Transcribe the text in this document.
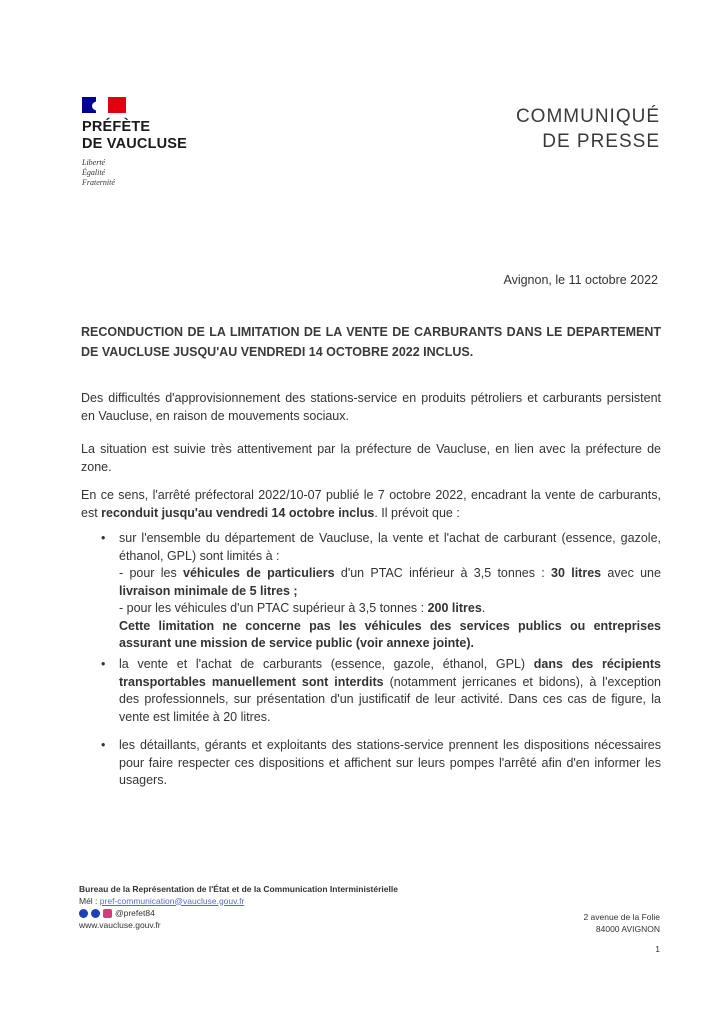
PRÉFÈTE
DE VAUCLUSE
Liberté
Égalité
Fraternité
COMMUNIQUÉ
DE PRESSE
Avignon, le 11 octobre 2022
RECONDUCTION DE LA LIMITATION DE LA VENTE DE CARBURANTS DANS LE DEPARTEMENT DE VAUCLUSE JUSQU'AU VENDREDI 14 OCTOBRE 2022 INCLUS.
Des difficultés d'approvisionnement des stations-service en produits pétroliers et carburants persistent en Vaucluse, en raison de mouvements sociaux.
La situation est suivie très attentivement par la préfecture de Vaucluse, en lien avec la préfecture de zone.
En ce sens, l'arrêté préfectoral 2022/10-07 publié le 7 octobre 2022, encadrant la vente de carburants, est reconduit jusqu'au vendredi 14 octobre inclus. Il prévoit que :
• sur l'ensemble du département de Vaucluse, la vente et l'achat de carburant (essence, gazole, éthanol, GPL) sont limités à :
- pour les véhicules de particuliers d'un PTAC inférieur à 3,5 tonnes : 30 litres avec une livraison minimale de 5 litres ;
- pour les véhicules d'un PTAC supérieur à 3,5 tonnes : 200 litres.
Cette limitation ne concerne pas les véhicules des services publics ou entreprises assurant une mission de service public (voir annexe jointe).
• la vente et l'achat de carburants (essence, gazole, éthanol, GPL) dans des récipients transportables manuellement sont interdits (notamment jerricanes et bidons), à l'exception des professionnels, sur présentation d'un justificatif de leur activité. Dans ces cas de figure, la vente est limitée à 20 litres.
• les détaillants, gérants et exploitants des stations-service prennent les dispositions nécessaires pour faire respecter ces dispositions et affichent sur leurs pompes l'arrêté afin d'en informer les usagers.
Bureau de la Représentation de l'État et de la Communication Interministérielle
Mél : pref-communication@vaucluse.gouv.fr
@prefet84
www.vaucluse.gouv.fr
2 avenue de la Folie
84000 AVIGNON
1
